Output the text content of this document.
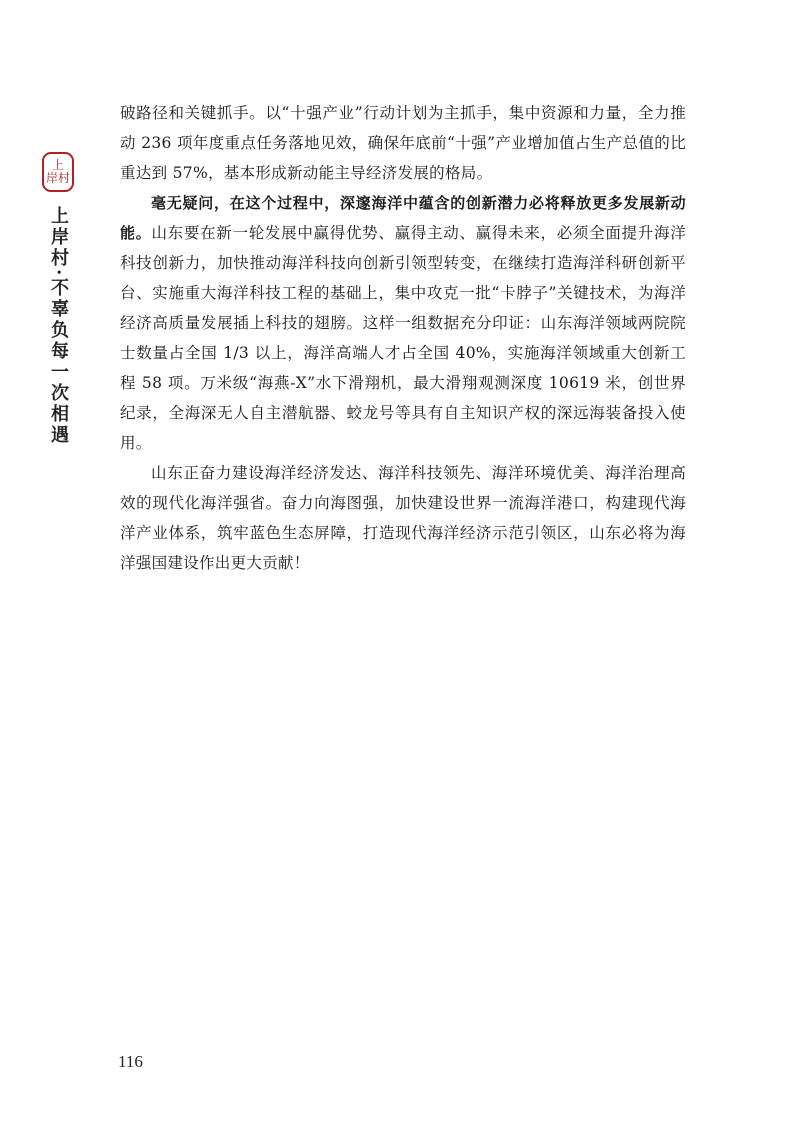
上
岸村
上岸村·不辜负每一次相遇

破路径和关键抓手。以“十强产业”行动计划为主抓手，集中资源和力量，全力推动 236 项年度重点任务落地见效，确保年底前“十强”产业增加值占生产总值的比重达到 57%，基本形成新动能主导经济发展的格局。

毫无疑问，在这个过程中，深邃海洋中蕴含的创新潜力必将释放更多发展新动能。山东要在新一轮发展中赢得优势、赢得主动、赢得未来，必须全面提升海洋科技创新力，加快推动海洋科技向创新引领型转变，在继续打造海洋科研创新平台、实施重大海洋科技工程的基础上，集中攻克一批“卡脖子”关键技术，为海洋经济高质量发展插上科技的翅膀。这样一组数据充分印证：山东海洋领域两院院士数量占全国 1/3 以上，海洋高端人才占全国 40%，实施海洋领域重大创新工程 58 项。万米级“海燕-X”水下滑翔机，最大滑翔观测深度 10619 米，创世界纪录，全海深无人自主潜航器、蛟龙号等具有自主知识产权的深远海装备投入使用。

山东正奋力建设海洋经济发达、海洋科技领先、海洋环境优美、海洋治理高效的现代化海洋强省。奋力向海图强，加快建设世界一流海洋港口，构建现代海洋产业体系，筑牢蓝色生态屏障，打造现代海洋经济示范引领区，山东必将为海洋强国建设作出更大贡献！

116
